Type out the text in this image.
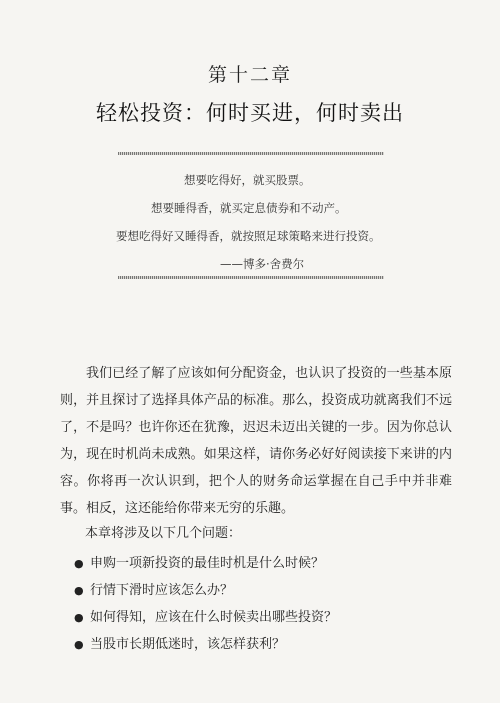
第十二章
轻松投资：何时买进，何时卖出
想要吃得好，就买股票。
想要睡得香，就买定息债券和不动产。
要想吃得好又睡得香，就按照足球策略来进行投资。
——博多·舍费尔

我们已经了解了应该如何分配资金，也认识了投资的一些基本原则，并且探讨了选择具体产品的标准。那么，投资成功就离我们不远了，不是吗？也许你还在犹豫，迟迟未迈出关键的一步。因为你总认为，现在时机尚未成熟。如果这样，请你务必好好阅读接下来讲的内容。你将再一次认识到，把个人的财务命运掌握在自己手中并非难事。相反，这还能给你带来无穷的乐趣。

本章将涉及以下几个问题：
● 申购一项新投资的最佳时机是什么时候？
● 行情下滑时应该怎么办？
● 如何得知，应该在什么时候卖出哪些投资？
● 当股市长期低迷时，该怎样获利？
